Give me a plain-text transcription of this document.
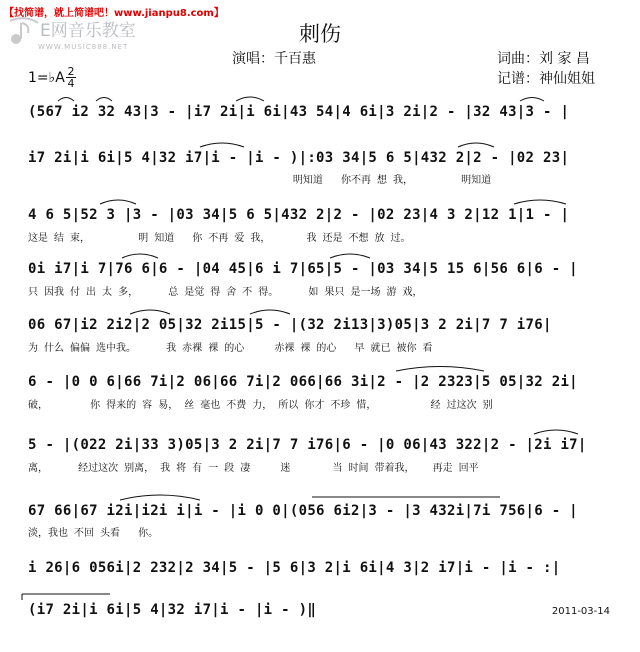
【找简谱，就上简谱吧！www.jianpu8.com】
E网音乐教室
WWW.MUSIC888.NET
刺伤
演唱：千百惠	词曲：刘 家 昌
记谱：神仙姐姐
1=♭A 2
4
(567 i2 32 43|3 - |i7 2i|i 6i|43 54|4 6i|3 2i|2 - |32 43|3 - |
i7 2i|i 6i|5 4|32 i7|i - |i - )|:03 34|5 6 5|432 2|2 - |02 23|
明知道   你不再 想 我，        明知道
4 6 5|52 3 |3 - |03 34|5 6 5|432 2|2 - |02 23|4 3 2|12 1|1 - |
这是 结 束，        明 知道   你 不再 爱 我，      我 还是 不想 放 过。
0i i7|i 7|76 6|6 - |04 45|6 i 7|65|5 - |03 34|5 15 6|56 6|6 - |
只 因我 付 出 太 多，     总 是觉 得 舍 不 得。     如 果只 是一场 游 戏，
06 67|i2 2i2|2 05|32 2i15|5 - |(32 2i13|3)05|3 2 2i|7 7 i76|
为 什么 偏偏 选中我。     我 赤裸 裸 的心     赤裸 裸 的心   早 就已 被你 看
6 - |0 0 6|66 7i|2 06|66 7i|2 066|66 3i|2 - |2 2323|5 05|32 2i|
破，       你 得来的 容 易， 丝 毫也 不费 力， 所以 你才 不珍 惜，         经 过这次 别
5 - |(022 2i|33 3)05|3 2 2i|7 7 i76|6 - |0 06|43 322|2 - |2i i7|
离，     经过这次 别离， 我 将 有 一 段 凄     迷       当 时间 带着我，   再走 回平
67 66|67 i2i|i2i i|i - |i 0 0|(056 6i2|3 - |3 432i|7i 756|6 - |
淡，我也 不回 头看   你。
i 26|6 056i|2 232|2 34|5 - |5 6|3 2|i 6i|4 3|2 i7|i - |i - :|
(i7 2i|i 6i|5 4|32 i7|i - |i - )‖	2011-03-14
